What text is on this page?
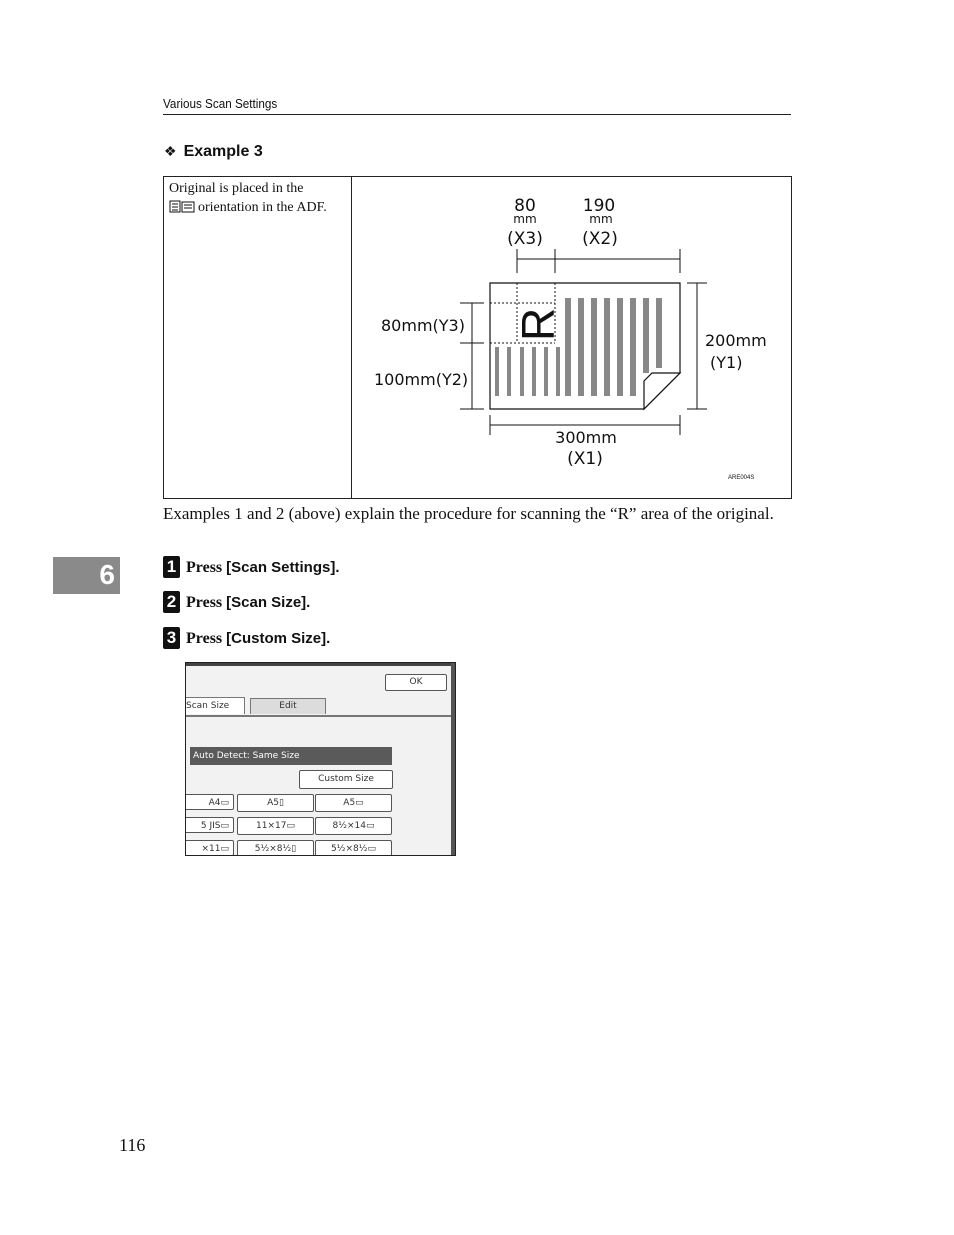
Various Scan Settings
❖ Example 3
Original is placed in the
orientation in the ADF.	80
mm
(X3)
190
mm
(X2)
R
80mm(Y3)
100mm(Y2)
200mm
(Y1)
300mm
(X1)
ARE004S
Examples 1 and 2 (above) explain the procedure for scanning the “R” area of the original.
6	1 Press [Scan Settings].
2 Press [Scan Size].
3 Press [Custom Size].
OK
Scan Size	Edit
Auto Detect: Same Size
Custom Size
A4▭	A5▯	A5▭
5 JIS▭	11×17▭	8½×14▭
×11▭	5½×8½▯	5½×8½▭
116
